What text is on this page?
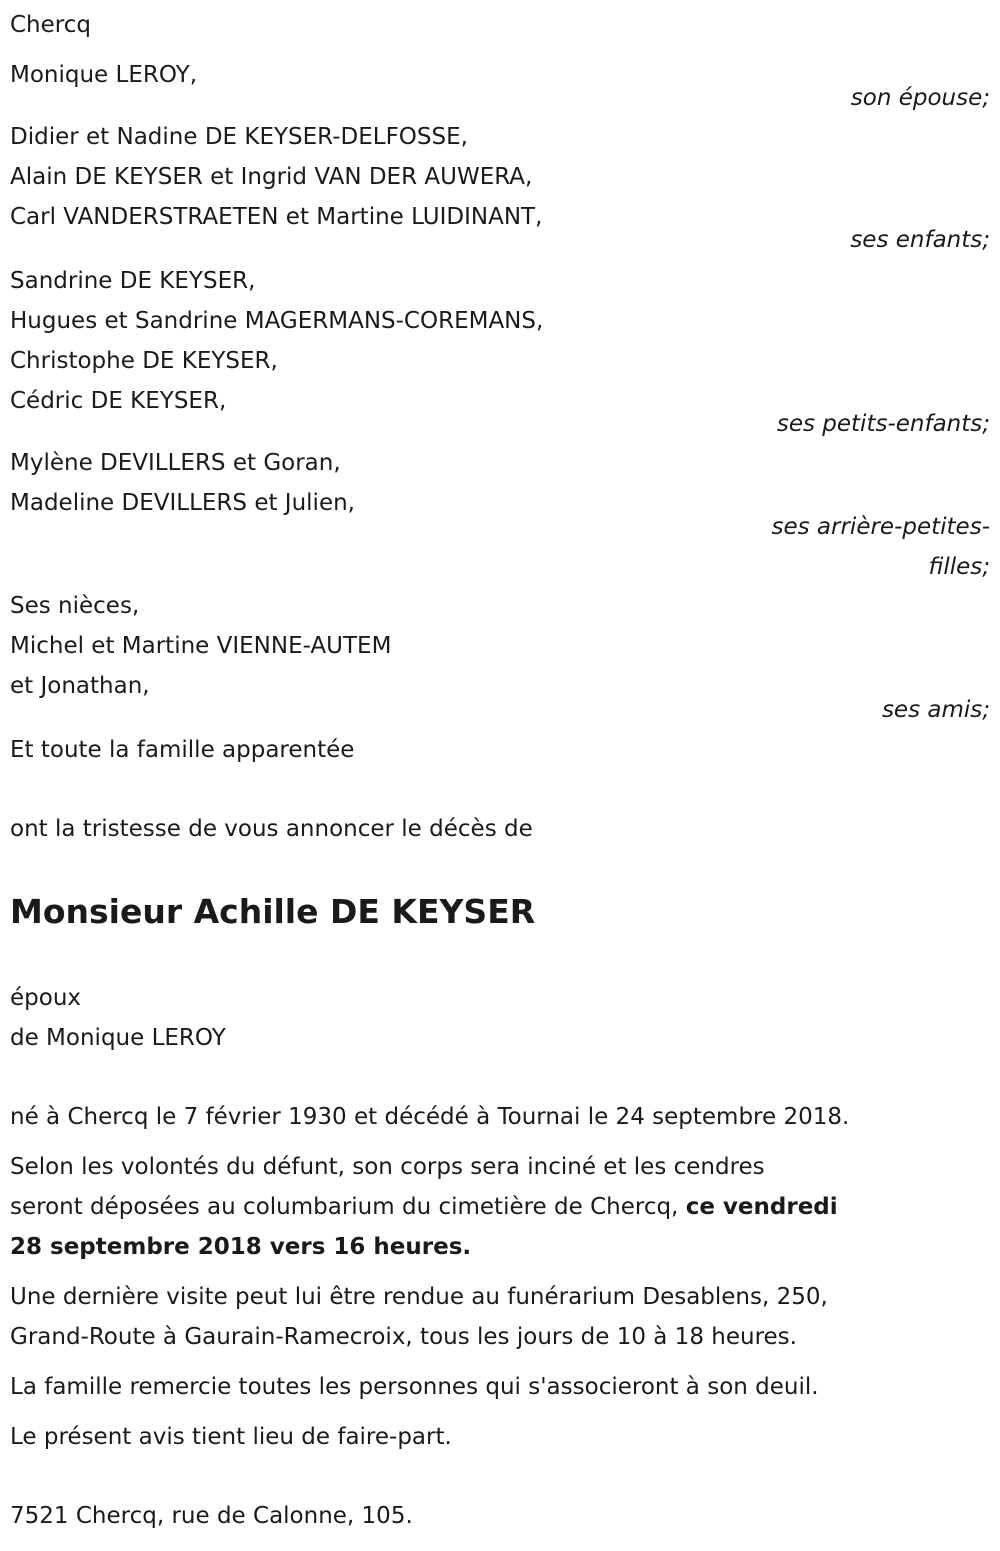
Chercq
Monique LEROY,
son épouse;
Didier et Nadine DE KEYSER-DELFOSSE,
Alain DE KEYSER et Ingrid VAN DER AUWERA,
Carl VANDERSTRAETEN et Martine LUIDINANT,
ses enfants;
Sandrine DE KEYSER,
Hugues et Sandrine MAGERMANS-COREMANS,
Christophe DE KEYSER,
Cédric DE KEYSER,
ses petits-enfants;
Mylène DEVILLERS et Goran,
Madeline DEVILLERS et Julien,
ses arrière-petites-
filles;
Ses nièces,
Michel et Martine VIENNE-AUTEM
et Jonathan,
ses amis;
Et toute la famille apparentée
ont la tristesse de vous annoncer le décès de
Monsieur Achille DE KEYSER
époux
de Monique LEROY
né à Chercq le 7 février 1930 et décédé à Tournai le 24 septembre 2018.
Selon les volontés du défunt, son corps sera inciné et les cendres
seront déposées au columbarium du cimetière de Chercq, ce vendredi
28 septembre 2018 vers 16 heures.
Une dernière visite peut lui être rendue au funérarium Desablens, 250,
Grand-Route à Gaurain-Ramecroix, tous les jours de 10 à 18 heures.
La famille remercie toutes les personnes qui s'associeront à son deuil.
Le présent avis tient lieu de faire-part.
7521 Chercq, rue de Calonne, 105.
